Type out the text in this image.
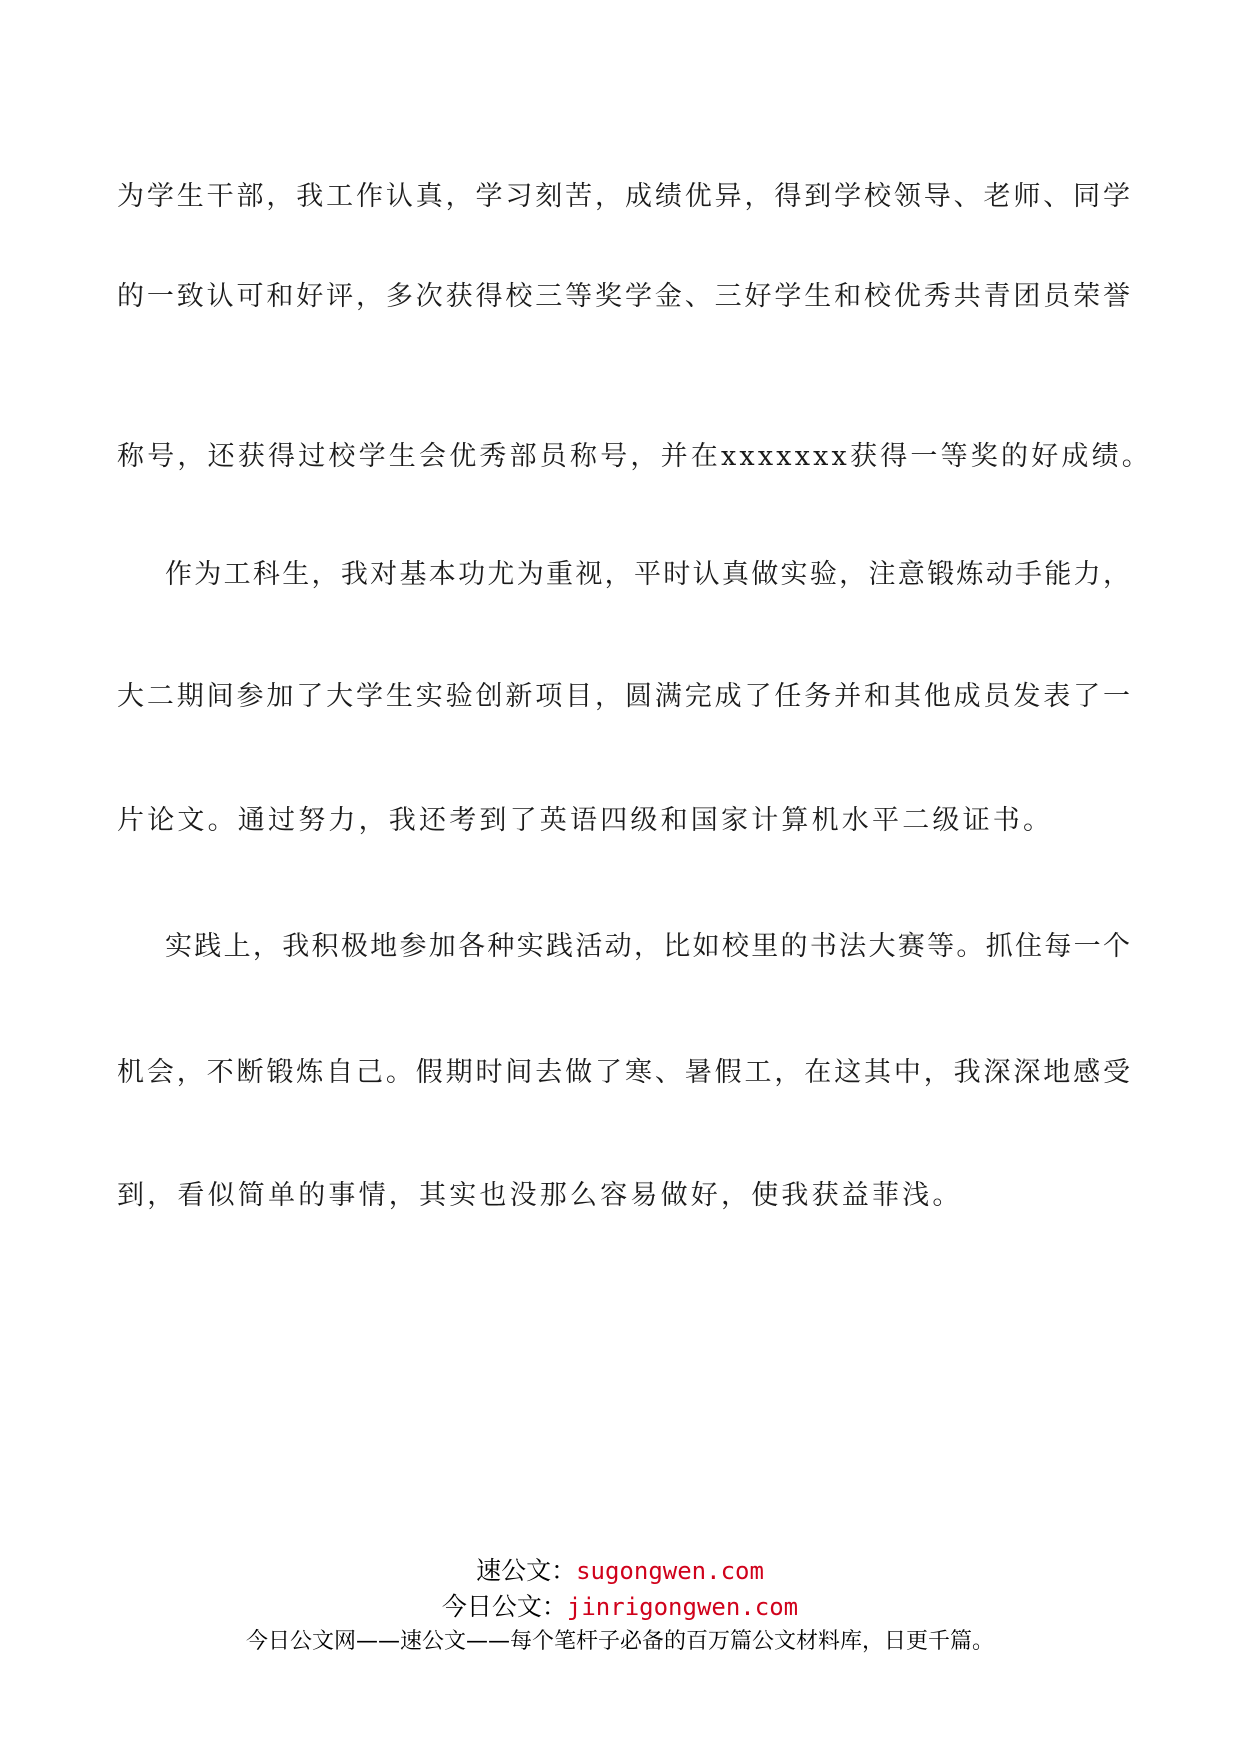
为学生干部，我工作认真，学习刻苦，成绩优异，得到学校领导、老师、同学
的一致认可和好评，多次获得校三等奖学金、三好学生和校优秀共青团员荣誉
称号，还获得过校学生会优秀部员称号，并在xxxxxxx获得一等奖的好成绩。
作为工科生，我对基本功尤为重视，平时认真做实验，注意锻炼动手能力，
大二期间参加了大学生实验创新项目，圆满完成了任务并和其他成员发表了一
片论文。通过努力，我还考到了英语四级和国家计算机水平二级证书。
实践上，我积极地参加各种实践活动，比如校里的书法大赛等。抓住每一个
机会，不断锻炼自己。假期时间去做了寒、暑假工，在这其中，我深深地感受
到，看似简单的事情，其实也没那么容易做好，使我获益菲浅。
速公文：sugongwen.com
今日公文：jinrigongwen.com
今日公文网——速公文——每个笔杆子必备的百万篇公文材料库，日更千篇。
